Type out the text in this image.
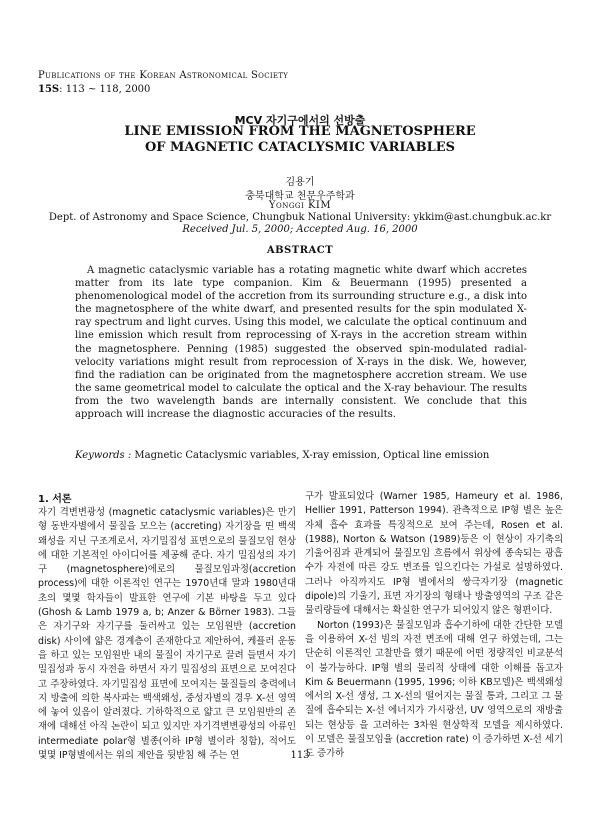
Publications of the Korean Astronomical Society
15S: 113 ~ 118, 2000
MCV 자기구에서의 선방출
LINE EMISSION FROM THE MAGNETOSPHERE
OF MAGNETIC CATACLYSMIC VARIABLES
김용기
충북대학교 천문우주학과
Yonggi KIM
Dept. of Astronomy and Space Science, Chungbuk National University: ykkim@ast.chungbuk.ac.kr
Received Jul. 5, 2000; Accepted Aug. 16, 2000
ABSTRACT

A magnetic cataclysmic variable has a rotating magnetic white dwarf which accretes matter from its late type companion. Kim & Beuermann (1995) presented a phenomenological model of the accretion from its surrounding structure e.g., a disk into the magnetosphere of the white dwarf, and presented results for the spin modulated X-ray spectrum and light curves. Using this model, we calculate the optical continuum and line emission which result from reprocessing of X-rays in the accretion stream within the magnetosphere. Penning (1985) suggested the observed spin-modulated radial-velocity variations might result from reprocession of X-rays in the disk. We, however, find the radiation can be originated from the magnetosphere accretion stream. We use the same geometrical model to calculate the optical and the X-ray behaviour. The results from the two wavelength bands are internally consistent. We conclude that this approach will increase the diagnostic accuracies of the results.

Keywords : Magnetic Cataclysmic variables, X-ray emission, Optical line emission
1. 서론

자기 격변변광성 (magnetic cataclysmic variables)은 만기형 동반자별에서 물질을 모으는 (accreting) 자기장을 띤 백색왜성을 지닌 구조계로서, 자기밀집성 표면으로의 물질모임 현상에 대한 기본적인 아이디어를 제공해 준다. 자기 밀집성의 자기구 (magnetosphere)에로의 물질모임과정(accretion process)에 대한 이론적인 연구는 1970년대 말과 1980년대 초의 몇몇 학자들이 발표한 연구에 기본 바탕을 두고 있다 (Ghosh & Lamb 1979 a, b; Anzer & Börner 1983). 그들은 자기구와 자기구를 둘러싸고 있는 모임원반 (accretion disk) 사이에 얇은 경계층이 존재한다고 제안하여, 케플러 운동을 하고 있는 모임원반 내의 물질이 자기구로 끌려 들면서 자기밀집성과 동시 자전을 하면서 자기 밀집성의 표면으로 모여진다고 주장하였다. 자기밀집성 표면에 모여지는 물질들의 충력에너지 방출에 의한 복사파는 백색왜성, 중성자별의 경우 X-선 영역에 놓여 있음이 알려졌다. 기하학적으로 얇고 큰 모임원반의 존재에 대해선 아직 논란이 되고 있지만 자기격변변광성의 아류인 intermediate polar형 별종(이하 IP형 별이라 칭함), 적어도 몇몇 IP형별에서는 위의 제안을 뒷받침 해 주는 연

구가 발표되었다 (Warner 1985, Hameury et al. 1986, Hellier 1991, Patterson 1994). 관측적으로 IP형 별은 높은 자체 흡수 효과를 특징적으로 보여 주는데, Rosen et al. (1988), Norton & Watson (1989)등은 이 현상이 자기축의 기울어짐과 관계되어 물질모임 흐름에서 위상에 종속되는 광흡수가 자전에 따른 강도 변조를 일으킨다는 가설로 설명하였다. 그러나 아직까지도 IP형 별에서의 쌍극자기장 (magnetic dipole)의 기울기, 표면 자기장의 형태나 방출영역의 구조 같은 물리량들에 대해서는 확실한 연구가 되어있지 않은 형편이다.

Norton (1993)은 물질모임과 흡수기하에 대한 간단한 모델을 이용하여 X-선 빔의 자전 변조에 대해 연구 하였는데, 그는 단순히 이론적인 고찰만을 했기 때문에 어떤 정량적인 비교분석이 불가능하다. IP형 별의 물리적 상태에 대한 이해를 돕고자 Kim & Beuermann (1995, 1996; 이하 KB모델)은 백색왜성에서의 X-선 생성, 그 X-선의 떨어지는 물질 통과, 그리고 그 물질에 흡수되는 X-선 에너지가 가시광선, UV 영역으로의 재방출되는 현상등 을 고려하는 3차원 현상학적 모델을 제시하였다. 이 모델은 물질모임율 (accretion rate) 이 증가하면 X-선 세기도 증가하

113
